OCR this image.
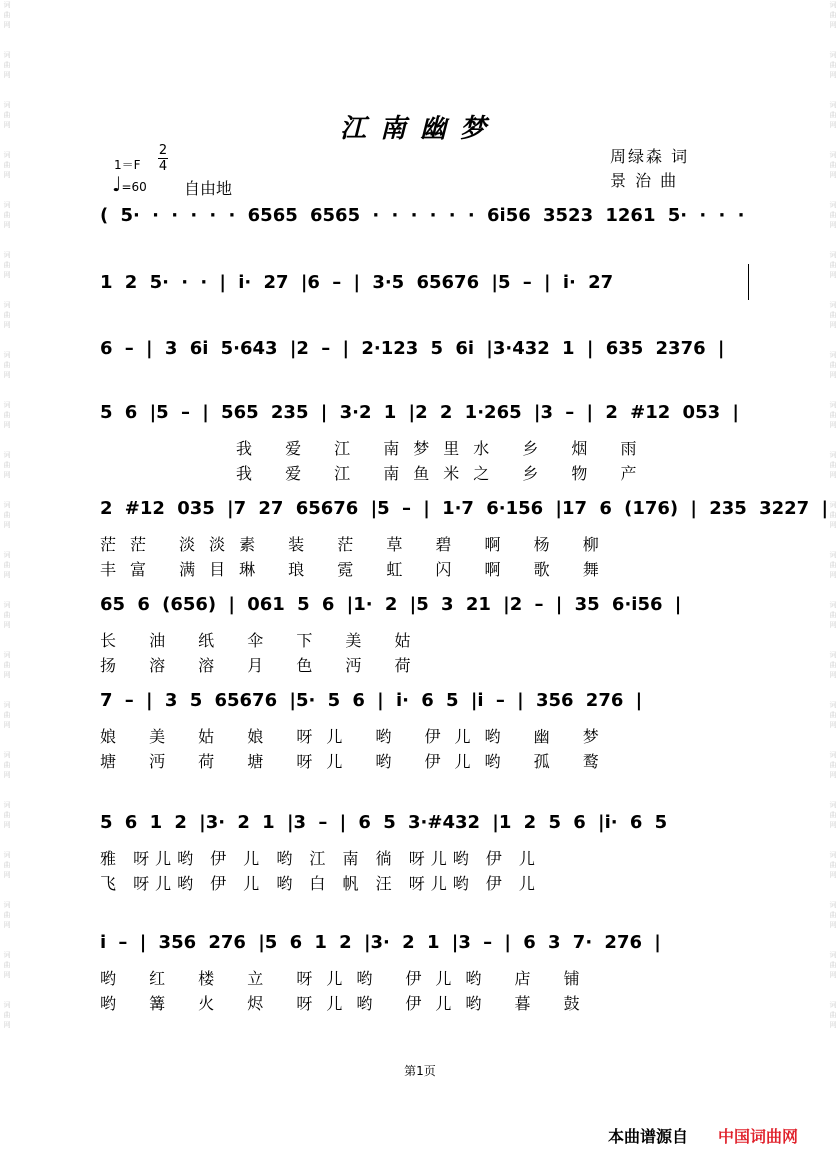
词
曲
网

词
曲
网

词
曲
网

词
曲
网

词
曲
网

词
曲
网

词
曲
网

词
曲
网

词
曲
网

词
曲
网

词
曲
网

词
曲
网

词
曲
网

词
曲
网

词
曲
网

词
曲
网

词
曲
网

词
曲
网

词
曲
网

词
曲
网

词
曲
网
词
曲
网

词
曲
网

词
曲
网

词
曲
网

词
曲
网

词
曲
网

词
曲
网

词
曲
网

词
曲
网

词
曲
网

词
曲
网

词
曲
网

词
曲
网

词
曲
网

词
曲
网

词
曲
网

词
曲
网

词
曲
网

词
曲
网

词
曲
网

词
曲
网
江南幽梦
1＝F
2
4
♩=60 自由地
周绿森 词
景 治 曲
( 5· · · · · · 6565 6565 · · · · · · 6i56 3523 1261 5· · · ·
1 2 5· · · | i· 27 |6 – | 3·5 65676 |5 – | i· 27
6 – | 3 6i 5·643 |2 – | 2·123 5 6i |3·432 1 | 635 2376 |
5 6 |5 – | 565 235 | 3·2 1 |2 2 1·265 |3 – | 2 #12 053 |
我 爱 江 南梦里水 乡 烟 雨
我 爱 江 南鱼米之 乡 物 产
2 #12 035 |7 27 65676 |5 – | 1·7 6·156 |17 6 (176) | 235 3227 |
茫茫 淡淡素 装 茫 草 碧 啊 杨 柳
丰富 满目琳 琅 霓 虹 闪 啊 歌 舞
65 6 (656) | 061 5 6 |1· 2 |5 3 21 |2 – | 35 6·i56 |
长 油 纸 伞 下 美 姑
扬 溶 溶 月 色 沔 荷
7 – | 3 5 65676 |5· 5 6 | i· 6 5 |i – | 356 276 |
娘 美 姑 娘 呀儿 哟 伊儿哟 幽 梦
塘 沔 荷 塘 呀儿 哟 伊儿哟 孤 鹜
5 6 1 2 |3· 2 1 |3 – | 6 5 3·#432 |1 2 5 6 |i· 6 5
雅 呀儿哟 伊 儿 哟 江 南 徜 呀儿哟 伊 儿
飞 呀儿哟 伊 儿 哟 白 帆 汪 呀儿哟 伊 儿
i – | 356 276 |5 6 1 2 |3· 2 1 |3 – | 6 3 7· 276 |
哟 红 楼 立 呀儿哟 伊儿哟 店 铺
哟 篝 火 烬 呀儿哟 伊儿哟 暮 鼓
第1页
本曲谱源自 中国词曲网
